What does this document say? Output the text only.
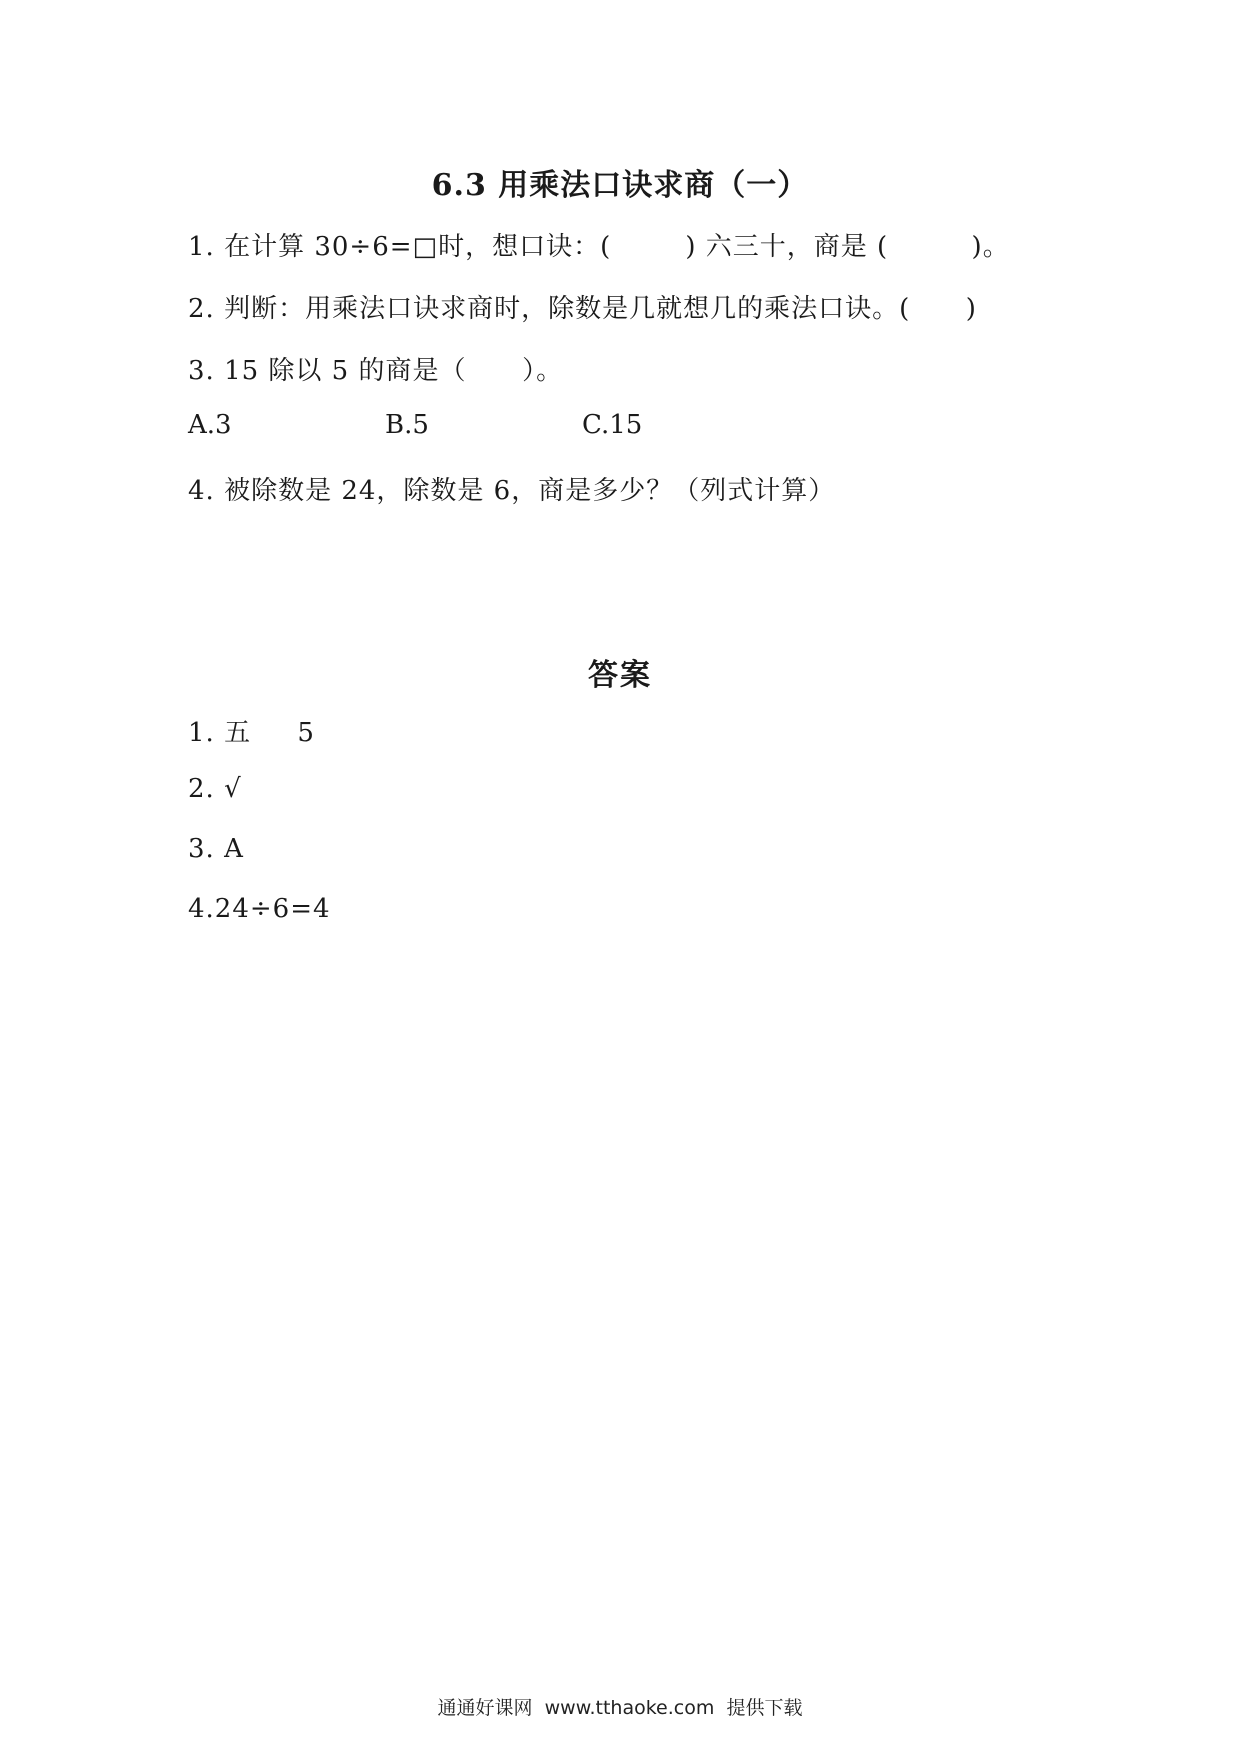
6.3 用乘法口诀求商（一）
1. 在计算 30÷6=□时，想口诀：(        ) 六三十，商是 (         )。
2. 判断：用乘法口诀求商时，除数是几就想几的乘法口诀。(      )
3. 15 除以 5 的商是（      ）。
A.3	B.5	C.15
4. 被除数是 24，除数是 6，商是多少？（列式计算）
答案
1. 五     5
2. √
3. A
4.24÷6=4
通通好课网  www.tthaoke.com  提供下载
